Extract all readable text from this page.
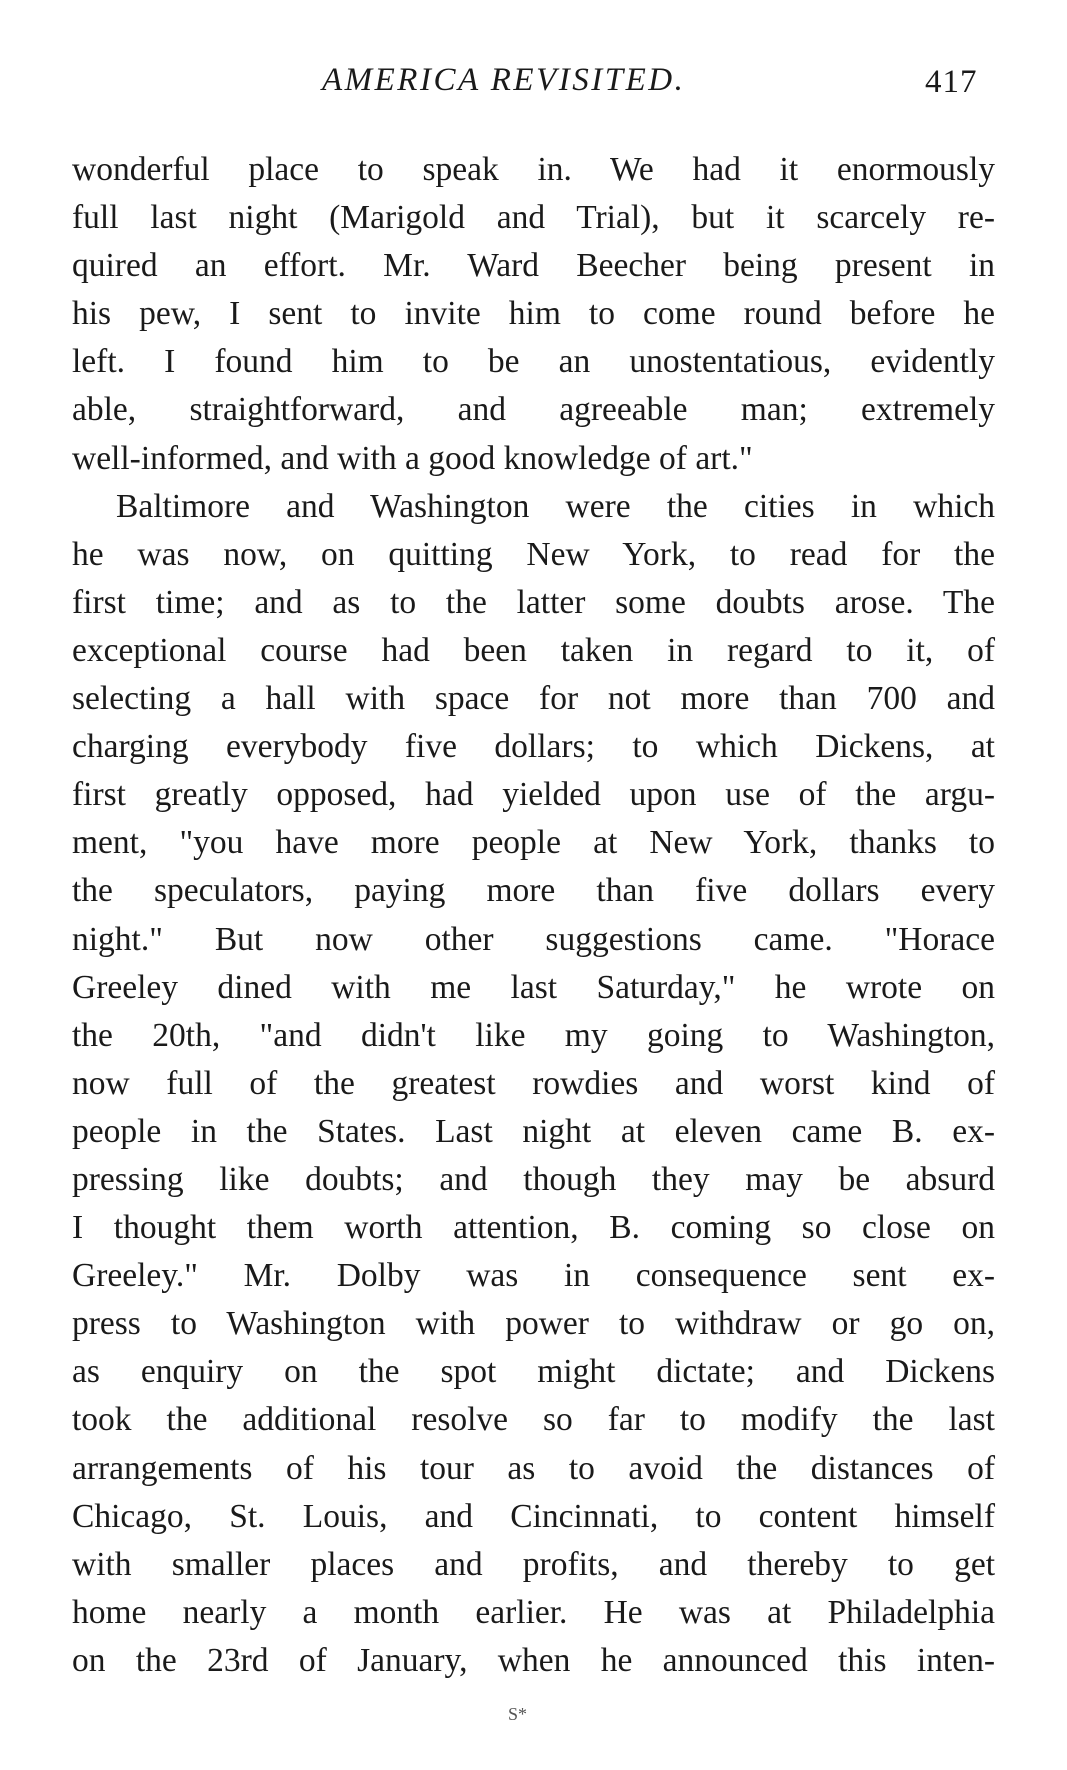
AMERICA REVISITED.	417
wonderful place to speak in. We had it enormously
full last night (Marigold and Trial), but it scarcely re-
quired an effort. Mr. Ward Beecher being present in
his pew, I sent to invite him to come round before he
left. I found him to be an unostentatious, evidently
able, straightforward, and agreeable man; extremely
well-informed, and with a good knowledge of art."
Baltimore and Washington were the cities in which
he was now, on quitting New York, to read for the
first time; and as to the latter some doubts arose. The
exceptional course had been taken in regard to it, of
selecting a hall with space for not more than 700 and
charging everybody five dollars; to which Dickens, at
first greatly opposed, had yielded upon use of the argu-
ment, "you have more people at New York, thanks to
the speculators, paying more than five dollars every
night." But now other suggestions came. "Horace
Greeley dined with me last Saturday," he wrote on
the 20th, "and didn't like my going to Washington,
now full of the greatest rowdies and worst kind of
people in the States. Last night at eleven came B. ex-
pressing like doubts; and though they may be absurd
I thought them worth attention, B. coming so close on
Greeley." Mr. Dolby was in consequence sent ex-
press to Washington with power to withdraw or go on,
as enquiry on the spot might dictate; and Dickens
took the additional resolve so far to modify the last
arrangements of his tour as to avoid the distances of
Chicago, St. Louis, and Cincinnati, to content himself
with smaller places and profits, and thereby to get
home nearly a month earlier. He was at Philadelphia
on the 23rd of January, when he announced this inten-
S*
